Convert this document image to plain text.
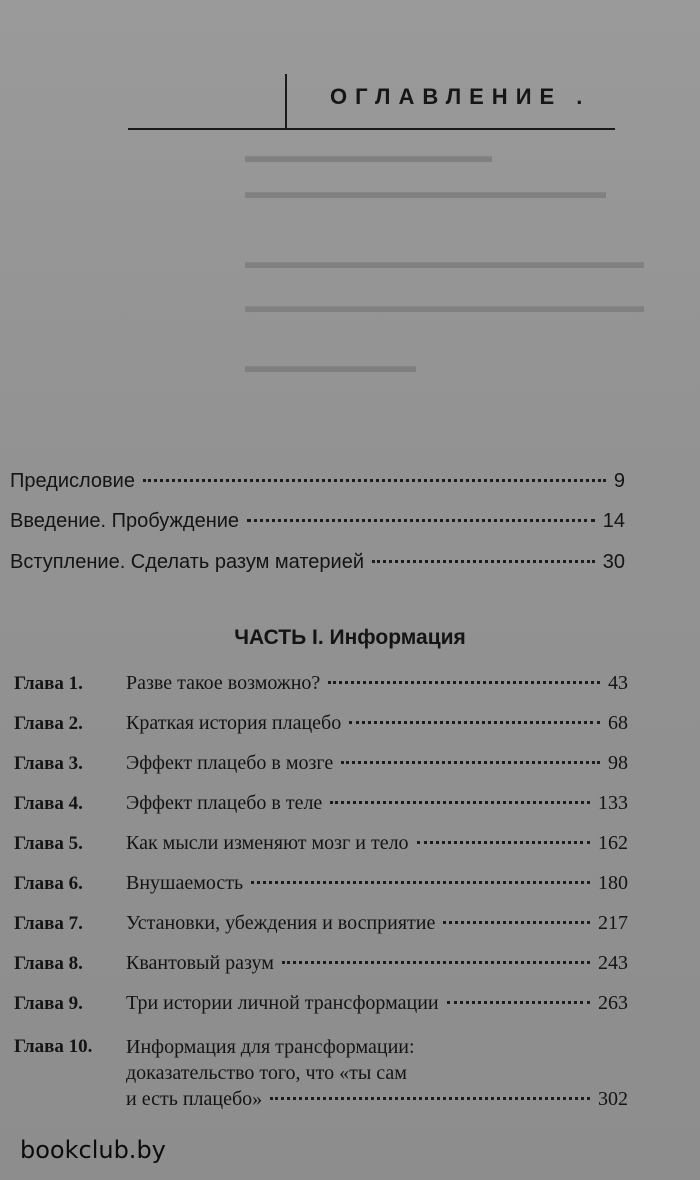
▬▬▬▬▬▬▬▬▬▬▬▬▬
▬▬▬▬▬▬▬▬▬▬▬▬▬▬▬▬▬▬▬
▬▬▬▬▬▬▬▬▬▬▬▬▬▬▬▬▬▬▬▬▬
▬▬▬▬▬▬▬▬▬▬▬▬▬▬▬▬▬▬▬▬▬
▬▬▬▬▬▬▬▬▬
ОГЛАВЛЕНИЕ .
Предисловие	9
Введение. Пробуждение	14
Вступление. Сделать разум материей	30
ЧАСТЬ I. Информация
Глава 1.	Разве такое возможно?	43
Глава 2.	Краткая история плацебо	68
Глава 3.	Эффект плацебо в мозге	98
Глава 4.	Эффект плацебо в теле	133
Глава 5.	Как мысли изменяют мозг и тело	162
Глава 6.	Внушаемость	180
Глава 7.	Установки, убеждения и восприятие	217
Глава 8.	Квантовый разум	243
Глава 9.	Три истории личной трансформации	263
Глава 10. Информация для трансформации:
доказательство того, что «ты сам
и есть плацебо»	302
bookclub.by
